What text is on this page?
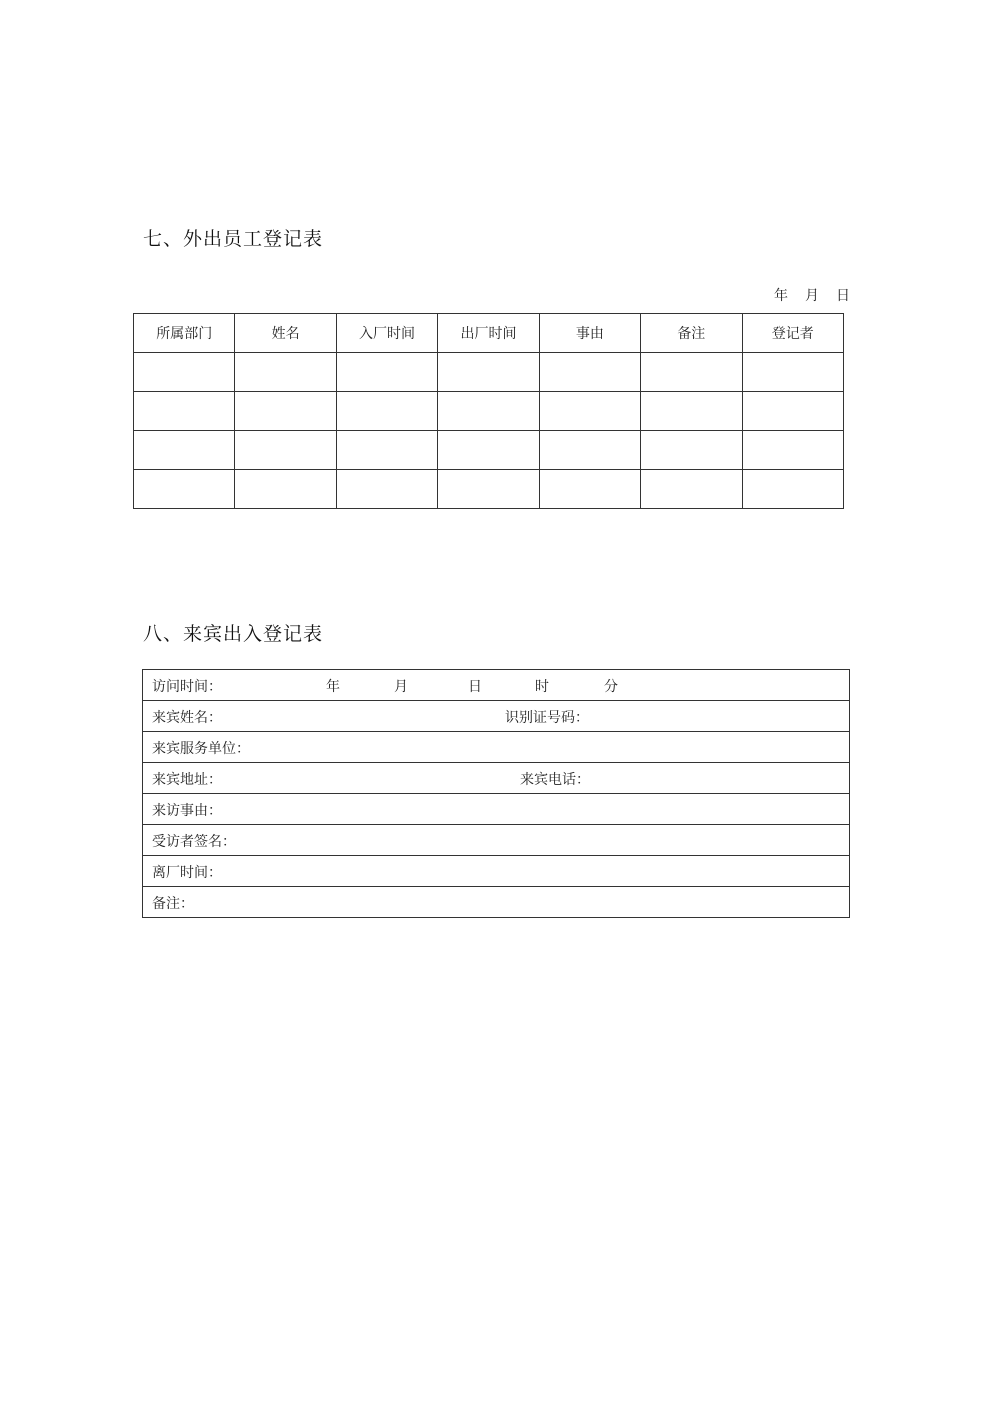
七、外出员工登记表
年 月 日
所属部门	姓名	入厂时间	出厂时间	事由	备注	登记者

八、来宾出入登记表
访问时间：	年	月	日	时	分
来宾姓名：	识别证号码：
来宾服务单位：
来宾地址：	来宾电话：
来访事由：
受访者签名：
离厂时间：
备注：
